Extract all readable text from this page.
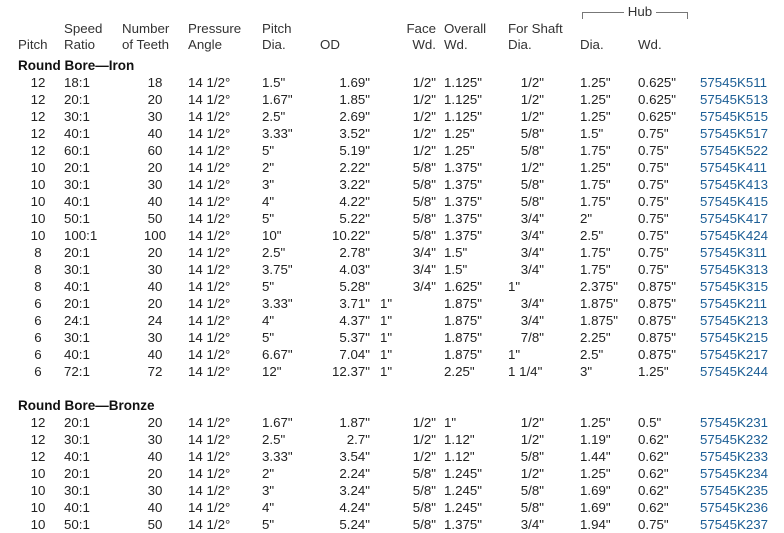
Hub		
	Speed	Number	Pressure	Pitch		Face	Overall	For Shaft			
Pitch	Ratio	of Teeth	Angle	Dia.	OD	Wd.	Wd.	Dia.	Dia.	Wd.	
Round Bore—Iron											
12	18:1	18	14 1/2°	1.5"	1.69"	1/2"	1.125"	1/2"	1.25"	0.625"	57545K511
12	20:1	20	14 1/2°	1.67"	1.85"	1/2"	1.125"	1/2"	1.25"	0.625"	57545K513
12	30:1	30	14 1/2°	2.5"	2.69"	1/2"	1.125"	1/2"	1.25"	0.625"	57545K515
12	40:1	40	14 1/2°	3.33"	3.52"	1/2"	1.25"	5/8"	1.5"	0.75"	57545K517
12	60:1	60	14 1/2°	5"	5.19"	1/2"	1.25"	5/8"	1.75"	0.75"	57545K522
10	20:1	20	14 1/2°	2"	2.22"	5/8"	1.375"	1/2"	1.25"	0.75"	57545K411
10	30:1	30	14 1/2°	3"	3.22"	5/8"	1.375"	5/8"	1.75"	0.75"	57545K413
10	40:1	40	14 1/2°	4"	4.22"	5/8"	1.375"	5/8"	1.75"	0.75"	57545K415
10	50:1	50	14 1/2°	5"	5.22"	5/8"	1.375"	3/4"	2"	0.75"	57545K417
10	100:1	100	14 1/2°	10"	10.22"	5/8"	1.375"	3/4"	2.5"	0.75"	57545K424
8	20:1	20	14 1/2°	2.5"	2.78"	3/4"	1.5"	3/4"	1.75"	0.75"	57545K311
8	30:1	30	14 1/2°	3.75"	4.03"	3/4"	1.5"	3/4"	1.75"	0.75"	57545K313
8	40:1	40	14 1/2°	5"	5.28"	3/4"	1.625"	1"	2.375"	0.875"	57545K315
6	20:1	20	14 1/2°	3.33"	3.71"	1"	1.875"	3/4"	1.875"	0.875"	57545K211
6	24:1	24	14 1/2°	4"	4.37"	1"	1.875"	3/4"	1.875"	0.875"	57545K213
6	30:1	30	14 1/2°	5"	5.37"	1"	1.875"	7/8"	2.25"	0.875"	57545K215
6	40:1	40	14 1/2°	6.67"	7.04"	1"	1.875"	1"	2.5"	0.875"	57545K217
6	72:1	72	14 1/2°	12"	12.37"	1"	2.25"	1 1/4"	3"	1.25"	57545K244

Round Bore—Bronze											
12	20:1	20	14 1/2°	1.67"	1.87"	1/2"	1"	1/2"	1.25"	0.5"	57545K231
12	30:1	30	14 1/2°	2.5"	2.7"	1/2"	1.12"	1/2"	1.19"	0.62"	57545K232
12	40:1	40	14 1/2°	3.33"	3.54"	1/2"	1.12"	5/8"	1.44"	0.62"	57545K233
10	20:1	20	14 1/2°	2"	2.24"	5/8"	1.245"	1/2"	1.25"	0.62"	57545K234
10	30:1	30	14 1/2°	3"	3.24"	5/8"	1.245"	5/8"	1.69"	0.62"	57545K235
10	40:1	40	14 1/2°	4"	4.24"	5/8"	1.245"	5/8"	1.69"	0.62"	57545K236
10	50:1	50	14 1/2°	5"	5.24"	5/8"	1.375"	3/4"	1.94"	0.75"	57545K237
